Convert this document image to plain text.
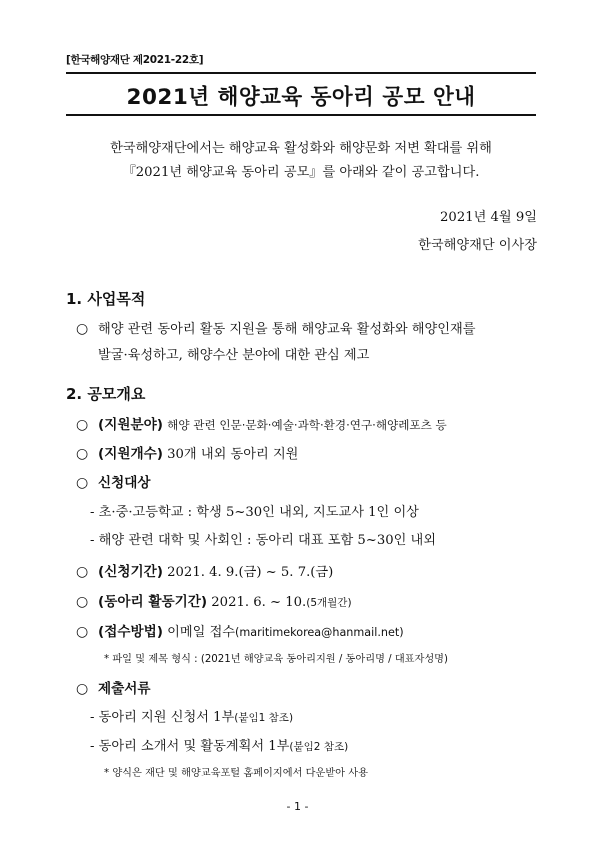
[한국해양재단 제2021-22호]
2021년 해양교육 동아리 공모 안내
한국해양재단에서는 해양교육 활성화와 해양문화 저변 확대를 위해
『2021년 해양교육 동아리 공모』를 아래와 같이 공고합니다.
2021년 4월 9일
한국해양재단 이사장
1. 사업목적
○ 해양 관련 동아리 활동 지원을 통해 해양교육 활성화와 해양인재를
발굴·육성하고, 해양수산 분야에 대한 관심 제고
2. 공모개요
○ (지원분야) 해양 관련 인문·문화·예술·과학·환경·연구·해양레포츠 등
○ (지원개수) 30개 내외 동아리 지원
○ 신청대상
- 초·중·고등학교 : 학생 5~30인 내외, 지도교사 1인 이상
- 해양 관련 대학 및 사회인 : 동아리 대표 포함 5~30인 내외
○ (신청기간) 2021. 4. 9.(금) ~ 5. 7.(금)
○ (동아리 활동기간) 2021. 6. ~ 10.(5개월간)
○ (접수방법) 이메일 접수(maritimekorea@hanmail.net)
* 파일 및 제목 형식 : (2021년 해양교육 동아리지원 / 동아리명 / 대표자성명)
○ 제출서류
- 동아리 지원 신청서 1부(붙임1 참조)
- 동아리 소개서 및 활동계획서 1부(붙임2 참조)
* 양식은 재단 및 해양교육포털 홈페이지에서 다운받아 사용
- 1 -
